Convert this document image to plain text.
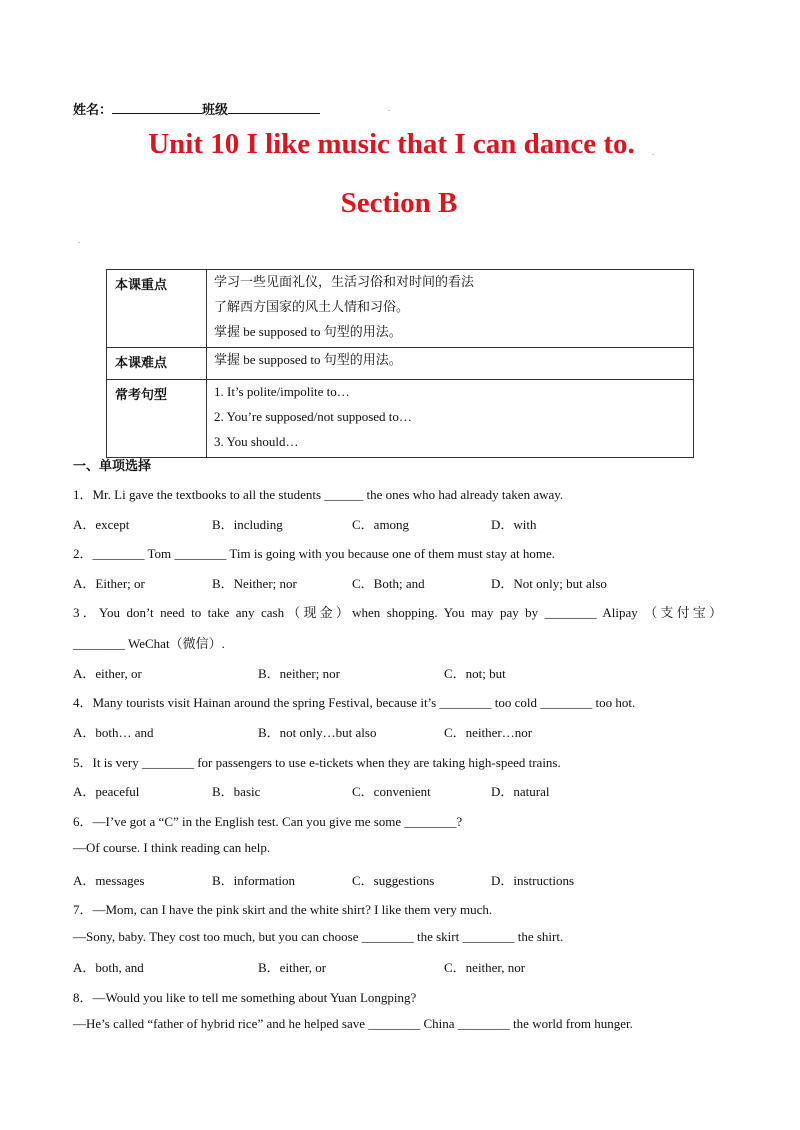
姓名：	班级	.
Unit 10 I like music that I can dance to.	.
Section B
.
本课重点	学习一些见面礼仪，生活习俗和对时间的看法
了解西方国家的风土人情和习俗。
掌握 be supposed to 句型的用法。

本课难点	掌握 be supposed to 句型的用法。

常考句型	1. It’s polite/impolite to…
2. You’re supposed/not supposed to…
3. You should…
一、单项选择
1．Mr. Li gave the textbooks to all the students ______ the ones who had already taken away.
A．except	B．including	C．among	D．with
2．________ Tom ________ Tim is going with you because one of them must stay at home.
A．Either; or	B．Neither; nor	C．Both; and	D．Not only; but also
3．You don’t need to take any cash（现金）when shopping. You may pay by ________ Alipay （支付宝）
________ WeChat（微信）.
A．either, or	B．neither; nor	C．not; but
4．Many tourists visit Hainan around the spring Festival, because it’s ________ too cold ________ too hot.
A．both… and	B．not only…but also	C．neither…nor
5．It is very ________ for passengers to use e-tickets when they are taking high-speed trains.
A．peaceful	B．basic	C．convenient	D．natural
6．—I’ve got a “C” in the English test. Can you give me some ________?
—Of course. I think reading can help.
A．messages	B．information	C．suggestions	D．instructions
7．—Mom, can I have the pink skirt and the white shirt? I like them very much.
—Sony, baby. They cost too much, but you can choose ________ the skirt ________ the shirt.
A．both, and	B．either, or	C．neither, nor
8．—Would you like to tell me something about Yuan Longping?
—He’s called “father of hybrid rice” and he helped save ________ China ________ the world from hunger.
